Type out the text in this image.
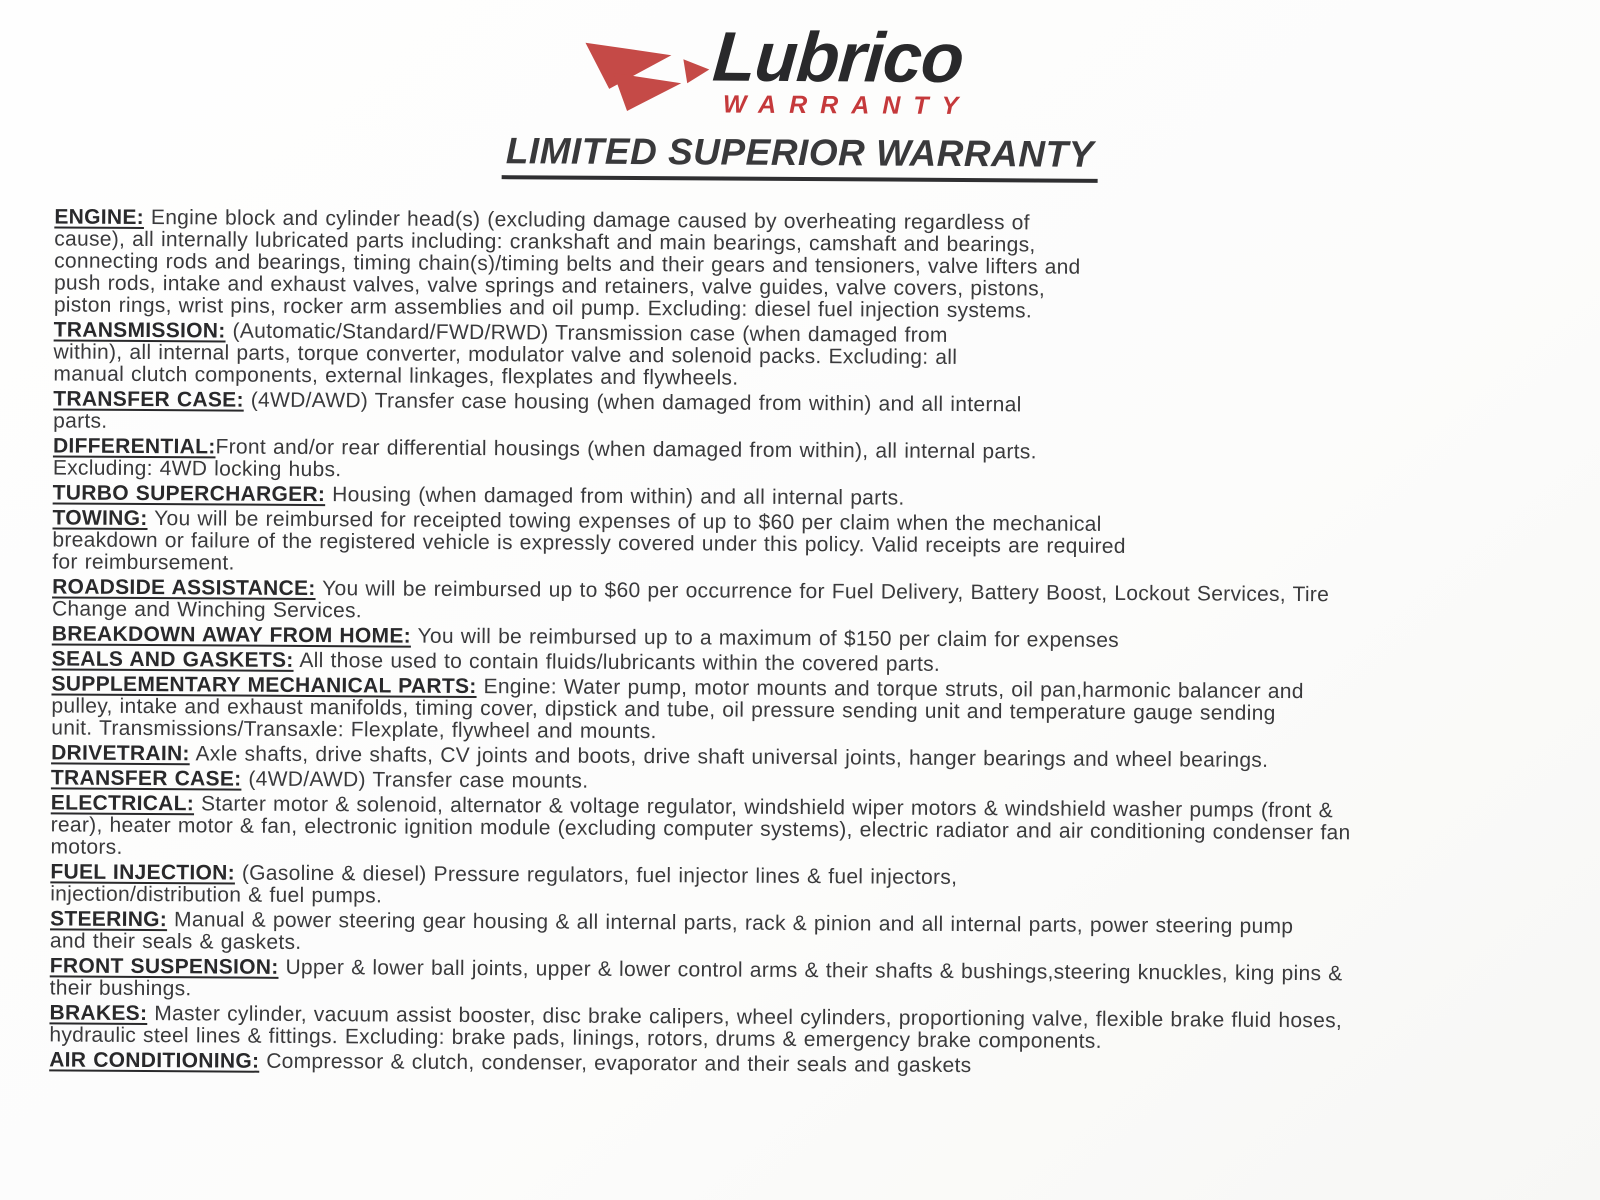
Lubrico
WARRANTY
LIMITED SUPERIOR WARRANTY

ENGINE: Engine block and cylinder head(s) (excluding damage caused by overheating regardless of cause), all internally lubricated parts including: crankshaft and main bearings, camshaft and bearings, connecting rods and bearings, timing chain(s)/timing belts and their gears and tensioners, valve lifters and push rods, intake and exhaust valves, valve springs and retainers, valve guides, valve covers, pistons, piston rings, wrist pins, rocker arm assemblies and oil pump. Excluding: diesel fuel injection systems.

TRANSMISSION: (Automatic/Standard/FWD/RWD) Transmission case (when damaged from within), all internal parts, torque converter, modulator valve and solenoid packs. Excluding: all manual clutch components, external linkages, flexplates and flywheels.

TRANSFER CASE: (4WD/AWD) Transfer case housing (when damaged from within) and all internal parts.

DIFFERENTIAL:Front and/or rear differential housings (when damaged from within), all internal parts. Excluding: 4WD locking hubs.

TURBO SUPERCHARGER: Housing (when damaged from within) and all internal parts.

TOWING: You will be reimbursed for receipted towing expenses of up to $60 per claim when the mechanical breakdown or failure of the registered vehicle is expressly covered under this policy. Valid receipts are required for reimbursement.

ROADSIDE ASSISTANCE: You will be reimbursed up to $60 per occurrence for Fuel Delivery, Battery Boost, Lockout Services, Tire Change and Winching Services.

BREAKDOWN AWAY FROM HOME: You will be reimbursed up to a maximum of $150 per claim for expenses

SEALS AND GASKETS: All those used to contain fluids/lubricants within the covered parts.

SUPPLEMENTARY MECHANICAL PARTS: Engine: Water pump, motor mounts and torque struts, oil pan,harmonic balancer and pulley, intake and exhaust manifolds, timing cover, dipstick and tube, oil pressure sending unit and temperature gauge sending unit. Transmissions/Transaxle: Flexplate, flywheel and mounts.

DRIVETRAIN: Axle shafts, drive shafts, CV joints and boots, drive shaft universal joints, hanger bearings and wheel bearings.

TRANSFER CASE: (4WD/AWD) Transfer case mounts.

ELECTRICAL: Starter motor & solenoid, alternator & voltage regulator, windshield wiper motors & windshield washer pumps (front & rear), heater motor & fan, electronic ignition module (excluding computer systems), electric radiator and air conditioning condenser fan motors.

FUEL INJECTION: (Gasoline & diesel) Pressure regulators, fuel injector lines & fuel injectors, injection/distribution & fuel pumps.

STEERING: Manual & power steering gear housing & all internal parts, rack & pinion and all internal parts, power steering pump and their seals & gaskets.

FRONT SUSPENSION: Upper & lower ball joints, upper & lower control arms & their shafts & bushings,steering knuckles, king pins & their bushings.

BRAKES: Master cylinder, vacuum assist booster, disc brake calipers, wheel cylinders, proportioning valve, flexible brake fluid hoses, hydraulic steel lines & fittings. Excluding: brake pads, linings, rotors, drums & emergency brake components.

AIR CONDITIONING: Compressor & clutch, condenser, evaporator and their seals and gaskets
